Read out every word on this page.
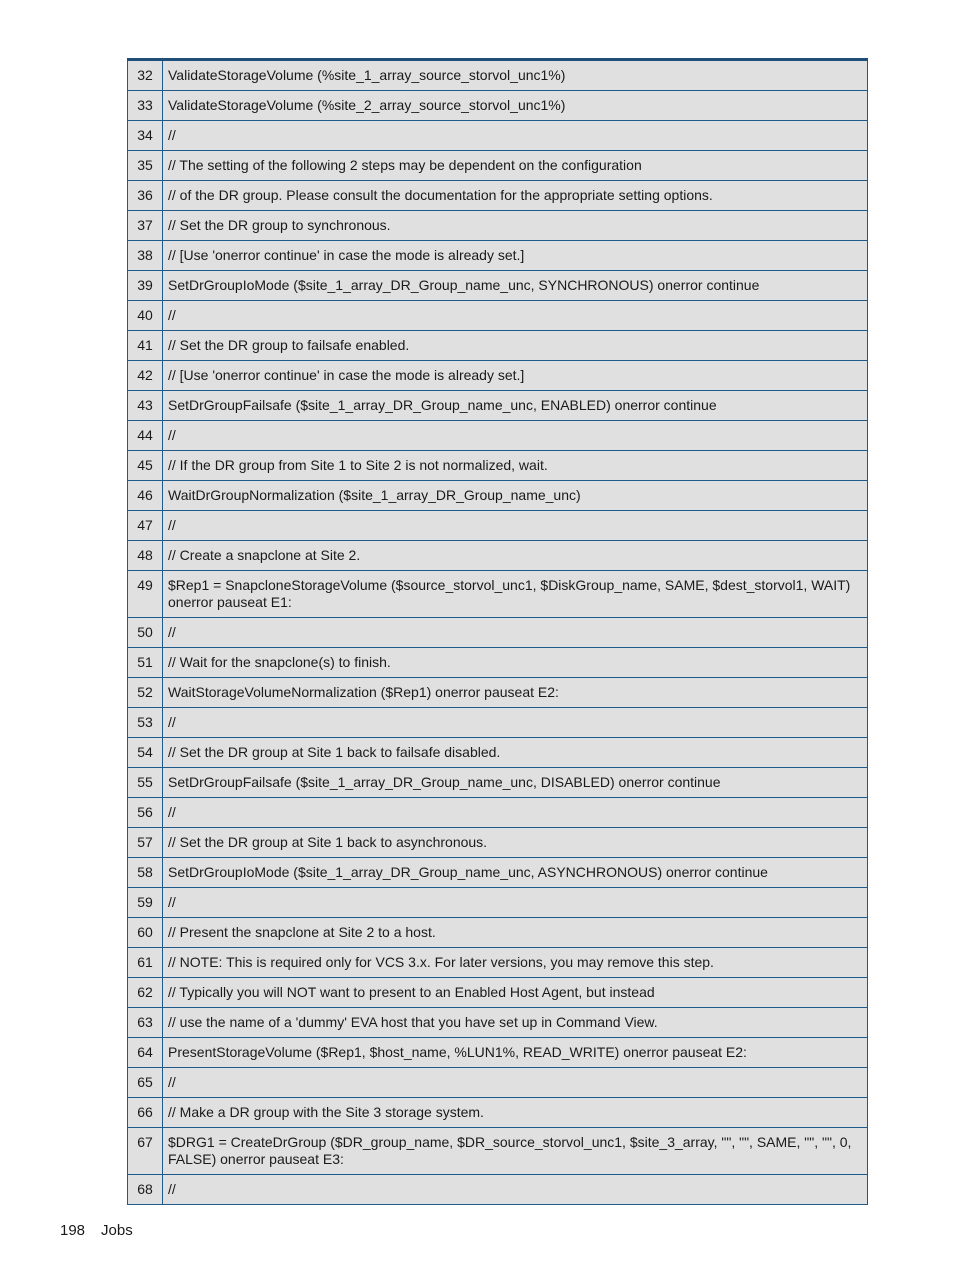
32	ValidateStorageVolume (%site_1_array_source_storvol_unc1%)
33	ValidateStorageVolume (%site_2_array_source_storvol_unc1%)
34	//
35	// The setting of the following 2 steps may be dependent on the configuration
36	// of the DR group. Please consult the documentation for the appropriate setting options.
37	// Set the DR group to synchronous.
38	// [Use 'onerror continue' in case the mode is already set.]
39	SetDrGroupIoMode ($site_1_array_DR_Group_name_unc, SYNCHRONOUS) onerror continue
40	//
41	// Set the DR group to failsafe enabled.
42	// [Use 'onerror continue' in case the mode is already set.]
43	SetDrGroupFailsafe ($site_1_array_DR_Group_name_unc, ENABLED) onerror continue
44	//
45	// If the DR group from Site 1 to Site 2 is not normalized, wait.
46	WaitDrGroupNormalization ($site_1_array_DR_Group_name_unc)
47	//
48	// Create a snapclone at Site 2.
49	$Rep1 = SnapcloneStorageVolume ($source_storvol_unc1, $DiskGroup_name, SAME, $dest_storvol1, WAIT) onerror pauseat E1:
50	//
51	// Wait for the snapclone(s) to finish.
52	WaitStorageVolumeNormalization ($Rep1) onerror pauseat E2:
53	//
54	// Set the DR group at Site 1 back to failsafe disabled.
55	SetDrGroupFailsafe ($site_1_array_DR_Group_name_unc, DISABLED) onerror continue
56	//
57	// Set the DR group at Site 1 back to asynchronous.
58	SetDrGroupIoMode ($site_1_array_DR_Group_name_unc, ASYNCHRONOUS) onerror continue
59	//
60	// Present the snapclone at Site 2 to a host.
61	// NOTE: This is required only for VCS 3.x. For later versions, you may remove this step.
62	// Typically you will NOT want to present to an Enabled Host Agent, but instead
63	// use the name of a 'dummy' EVA host that you have set up in Command View.
64	PresentStorageVolume ($Rep1, $host_name, %LUN1%, READ_WRITE) onerror pauseat E2:
65	//
66	// Make a DR group with the Site 3 storage system.
67	$DRG1 = CreateDrGroup ($DR_group_name, $DR_source_storvol_unc1, $site_3_array, "", "", SAME, "", "", 0, FALSE) onerror pauseat E3:
68	//
198 Jobs
